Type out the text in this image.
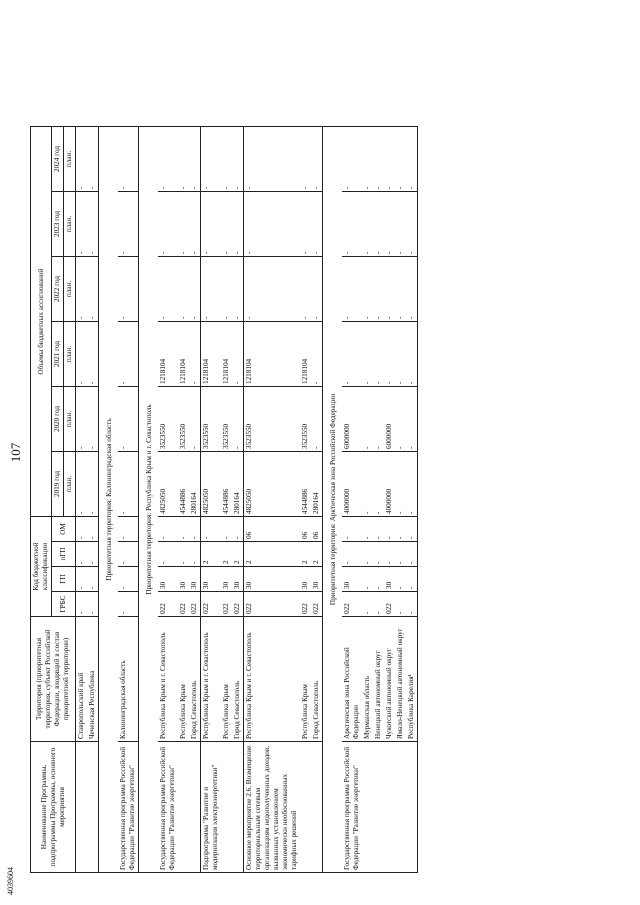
107
4039604
Наименование Программы, подпрограммы Программы, основного мероприятия	Территория (приоритетная территория, субъект Российской Федерации, входящий в состав приоритетной территории)	Код бюджетной классификации				Объемы бюджетных ассигнований					
		ГРБС	ГП	пГП	ОМ	2019 год	2020 год	2021 год	2022 год	2023 год	2024 год
						план.	план.	план.	план.	план.	план.
	Ставропольский край	-	-	-	-	-	-	-	-	-	-
	Чеченская Республика	-	-	-	-	-	-	-	-	-	-
Приоритетная территория: Калининградская область											
Государственная программа Российской Федерации "Развитие энергетики"	Калининградская область	-	-	-	-	-	-	-	-	-	-
Приоритетная территория: Республика Крым и г. Севастополь											
Государственная программа Российской Федерации "Развитие энергетики"	Республика Крым и г. Севастополь	022	30	-	-	4825050	3523550	1218104	-	-	-
	Республика Крым	022	30	-	-	4544886	3523550	1218104	-	-	-
	Город Севастополь	022	30	-	-	280164	-	-	-	-	-
Подпрограмма "Развитие и модернизация электроэнергетики"	Республика Крым и г. Севастополь	022	30	2	-	4825050	3523550	1218104	-	-	-
	Республика Крым	022	30	2	-	4544886	3523550	1218104	-	-	-
	Город Севастополь	022	30	2	-	280164	-	-	-	-	-
Основное мероприятие 2.6. Возмещение территориальным сетевым организациям недополученных доходов, вызванных установлением экономически необоснованных тарифных решений	Республика Крым и г. Севастополь	022	30	2	06	4825050	3523550	1218104	-	-	-
	Республика Крым	022	30	2	06	4544886	3523550	1218104	-	-	-
	Город Севастополь	022	30	2	06	280164	-	-	-	-	-
Приоритетная территория: Арктическая зона Российской Федерации											
Государственная программа Российской Федерации "Развитие энергетики"	Арктическая зона Российской Федерации	022	30	-	-	4000000	6000000	-	-	-	-
	Мурманская область	-	-	-	-	-	-	-	-	-	-
	Ненецкий автономный округ	-	-	-	-	-	-	-	-	-	-
	Чукотский автономный округ	022	30	-	-	4000000	6000000	-	-	-	-
	Ямало-Ненецкий автономный округ	-	-	-	-	-	-	-	-	-	-
	Республика Карелия¹	-	-	-	-	-	-	-	-	-	-
